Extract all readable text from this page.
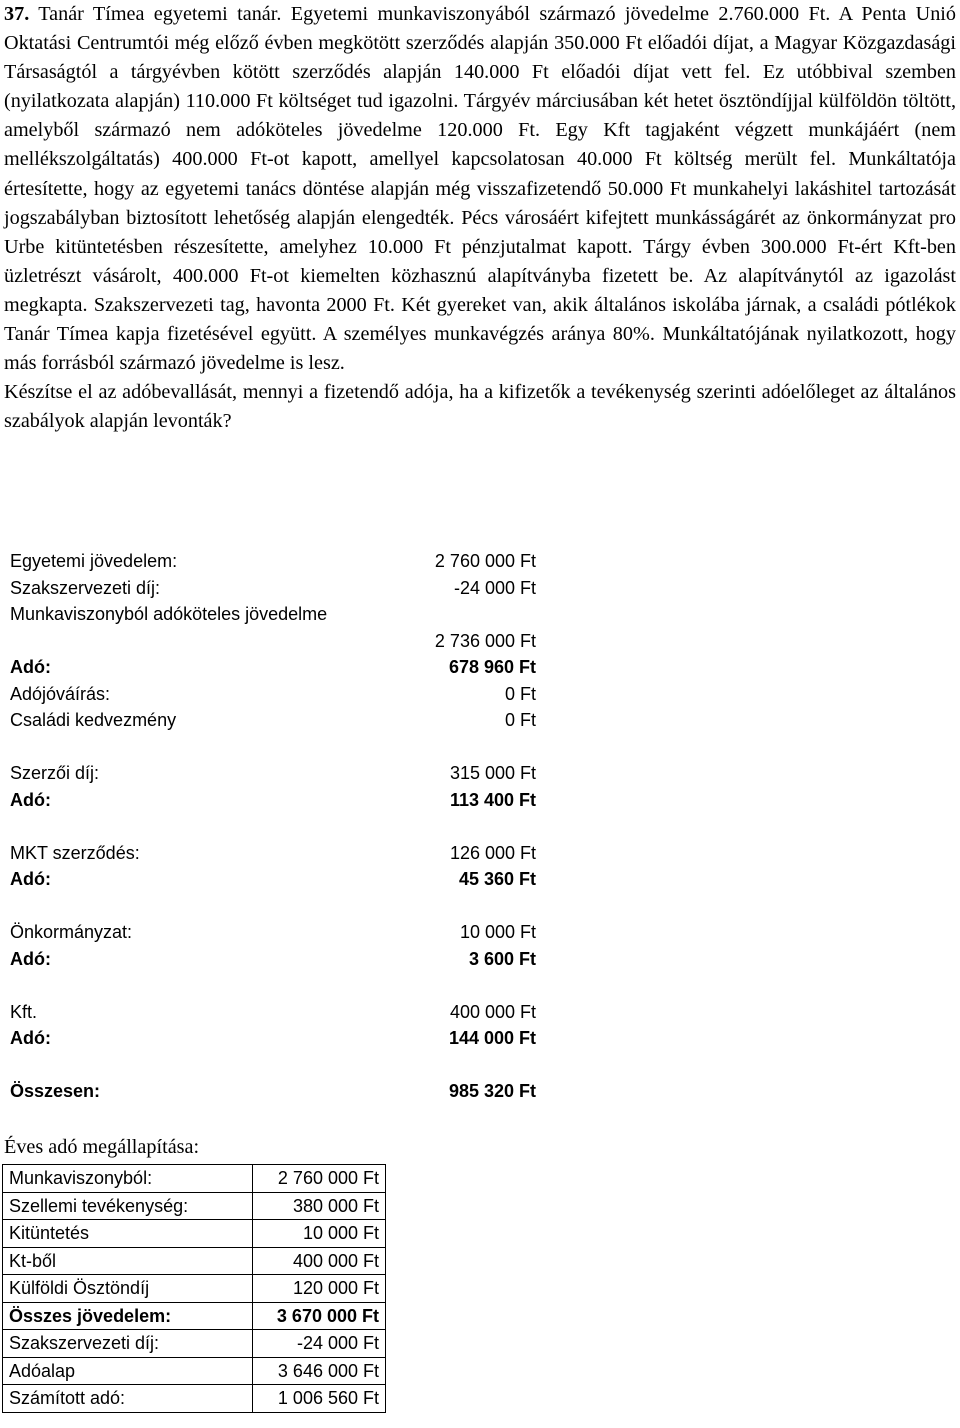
37. Tanár Tímea egyetemi tanár. Egyetemi munkaviszonyából származó jövedelme 2.760.000 Ft. A Penta Unió Oktatási Centrumtói még előző évben megkötött szerződés alapján 350.000 Ft előadói díjat, a Magyar Közgazdasági Társaságtól a tárgyévben kötött szerződés alapján 140.000 Ft előadói díjat vett fel. Ez utóbbival szemben (nyilatkozata alapján) 110.000 Ft költséget tud igazolni. Tárgyév márciusában két hetet ösztöndíjjal külföldön töltött, amelyből származó nem adóköteles jövedelme 120.000 Ft. Egy Kft tagjaként végzett munkájáért (nem mellékszolgáltatás) 400.000 Ft-ot kapott, amellyel kapcsolatosan 40.000 Ft költség merült fel. Munkáltatója értesítette, hogy az egyetemi tanács döntése alapján még visszafizetendő 50.000 Ft munkahelyi lakáshitel tartozását jogszabályban biztosított lehetőség alapján elengedték. Pécs városáért kifejtett munkásságárét az önkormányzat pro Urbe kitüntetésben részesítette, amelyhez 10.000 Ft pénzjutalmat kapott. Tárgy évben 300.000 Ft-ért Kft-ben üzletrészt vásárolt, 400.000 Ft-ot kiemelten közhasznú alapítványba fizetett be. Az alapítványtól az igazolást megkapta. Szakszervezeti tag, havonta 2000 Ft. Két gyereket van, akik általános iskolába járnak, a családi pótlékok Tanár Tímea kapja fizetésével együtt. A személyes munkavégzés aránya 80%. Munkáltatójának nyilatkozott, hogy más forrásból származó jövedelme is lesz.
Készítse el az adóbevallását, mennyi a fizetendő adója, ha a kifizetők a tevékenység szerinti adóelőleget az általános szabályok alapján levonták?
Egyetemi jövedelem:	2 760 000 Ft
Szakszervezeti díj:	-24 000 Ft
Munkaviszonyból adóköteles jövedelme
2 736 000 Ft
Adó:	678 960 Ft
Adójóváírás:	0 Ft
Családi kedvezmény	0 Ft
Szerzői díj:	315 000 Ft
Adó:	113 400 Ft
MKT szerződés:	126 000 Ft
Adó:	45 360 Ft
Önkormányzat:	10 000 Ft
Adó:	3 600 Ft
Kft.	400 000 Ft
Adó:	144 000 Ft
Összesen:	985 320 Ft
Éves adó megállapítása:
Munkaviszonyból:	2 760 000 Ft
Szellemi tevékenység:	380 000 Ft
Kitüntetés	10 000 Ft
Kt-ből	400 000 Ft
Külföldi Ösztöndíj	120 000 Ft
Összes jövedelem:	3 670 000 Ft
Szakszervezeti díj:	-24 000 Ft
Adóalap	3 646 000 Ft
Számított adó:	1 006 560 Ft
